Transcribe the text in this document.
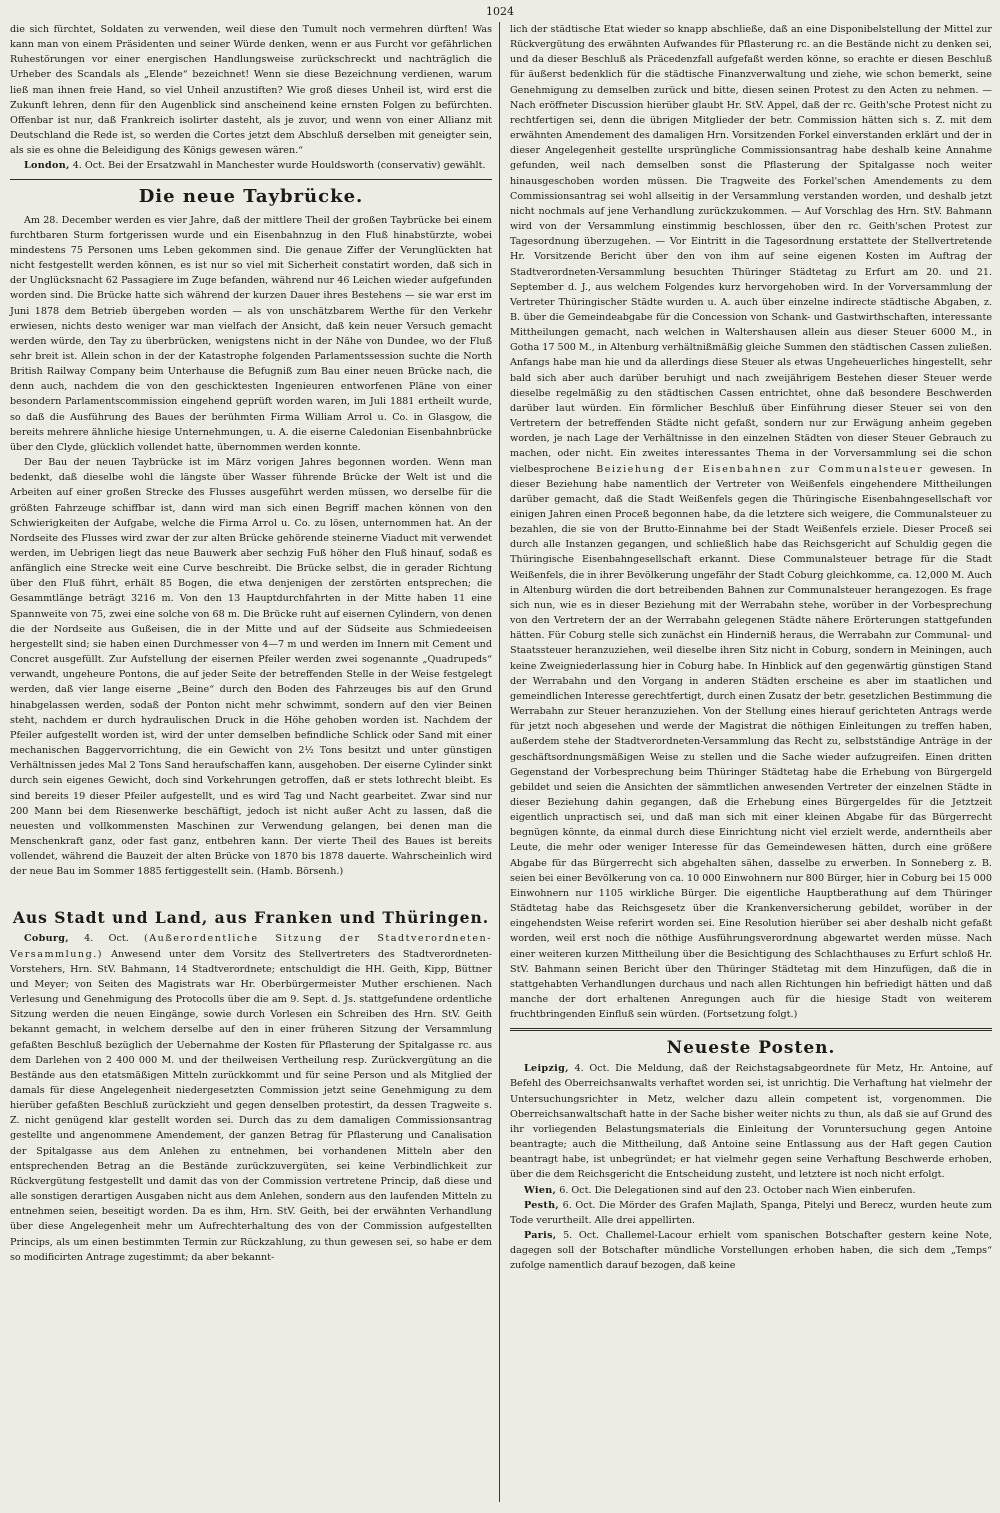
1024

die sich fürchtet, Soldaten zu verwenden, weil diese den Tumult noch vermehren dürften! Was kann man von einem Präsidenten und seiner Würde denken, wenn er aus Furcht vor gefährlichen Ruhestörungen vor einer energischen Handlungsweise zurückschreckt und nachträglich die Urheber des Scandals als „Elende“ bezeichnet! Wenn sie diese Bezeichnung verdienen, warum ließ man ihnen freie Hand, so viel Unheil anzustiften? Wie groß dieses Unheil ist, wird erst die Zukunft lehren, denn für den Augenblick sind anscheinend keine ernsten Folgen zu befürchten. Offenbar ist nur, daß Frankreich isolirter dasteht, als je zuvor, und wenn von einer Allianz mit Deutschland die Rede ist, so werden die Cortes jetzt dem Abschluß derselben mit geneigter sein, als sie es ohne die Beleidigung des Königs gewesen wären.“

London, 4. Oct. Bei der Ersatzwahl in Manchester wurde Houldsworth (conservativ) gewählt.

Die neue Taybrücke.

Am 28. December werden es vier Jahre, daß der mittlere Theil der großen Taybrücke bei einem furchtbaren Sturm fortgerissen wurde und ein Eisenbahnzug in den Fluß hinabstürzte, wobei mindestens 75 Personen ums Leben gekommen sind. Die genaue Ziffer der Verunglückten hat nicht festgestellt werden können, es ist nur so viel mit Sicherheit constatirt worden, daß sich in der Unglücksnacht 62 Passagiere im Zuge befanden, während nur 46 Leichen wieder aufgefunden worden sind. Die Brücke hatte sich während der kurzen Dauer ihres Bestehens — sie war erst im Juni 1878 dem Betrieb übergeben worden — als von unschätzbarem Werthe für den Verkehr erwiesen, nichts desto weniger war man vielfach der Ansicht, daß kein neuer Versuch gemacht werden würde, den Tay zu überbrücken, wenigstens nicht in der Nähe von Dundee, wo der Fluß sehr breit ist. Allein schon in der der Katastrophe folgenden Parlamentssession suchte die North British Railway Company beim Unterhause die Befugniß zum Bau einer neuen Brücke nach, die denn auch, nachdem die von den geschicktesten Ingenieuren entworfenen Pläne von einer besondern Parlamentscommission eingehend geprüft worden waren, im Juli 1881 ertheilt wurde, so daß die Ausführung des Baues der berühmten Firma William Arrol u. Co. in Glasgow, die bereits mehrere ähnliche hiesige Unternehmungen, u. A. die eiserne Caledonian Eisenbahnbrücke über den Clyde, glücklich vollendet hatte, übernommen werden konnte.

Der Bau der neuen Taybrücke ist im März vorigen Jahres begonnen worden. Wenn man bedenkt, daß dieselbe wohl die längste über Wasser führende Brücke der Welt ist und die Arbeiten auf einer großen Strecke des Flusses ausgeführt werden müssen, wo derselbe für die größten Fahrzeuge schiffbar ist, dann wird man sich einen Begriff machen können von den Schwierigkeiten der Aufgabe, welche die Firma Arrol u. Co. zu lösen, unternommen hat. An der Nordseite des Flusses wird zwar der zur alten Brücke gehörende steinerne Viaduct mit verwendet werden, im Uebrigen liegt das neue Bauwerk aber sechzig Fuß höher den Fluß hinauf, sodaß es anfänglich eine Strecke weit eine Curve beschreibt. Die Brücke selbst, die in gerader Richtung über den Fluß führt, erhält 85 Bogen, die etwa denjenigen der zerstörten entsprechen; die Gesammtlänge beträgt 3216 m. Von den 13 Hauptdurchfahrten in der Mitte haben 11 eine Spannweite von 75, zwei eine solche von 68 m. Die Brücke ruht auf eisernen Cylindern, von denen die der Nordseite aus Gußeisen, die in der Mitte und auf der Südseite aus Schmiedeeisen hergestellt sind; sie haben einen Durchmesser von 4—7 m und werden im Innern mit Cement und Concret ausgefüllt. Zur Aufstellung der eisernen Pfeiler werden zwei sogenannte „Quadrupeds“ verwandt, ungeheure Pontons, die auf jeder Seite der betreffenden Stelle in der Weise festgelegt werden, daß vier lange eiserne „Beine“ durch den Boden des Fahrzeuges bis auf den Grund hinabgelassen werden, sodaß der Ponton nicht mehr schwimmt, sondern auf den vier Beinen steht, nachdem er durch hydraulischen Druck in die Höhe gehoben worden ist. Nachdem der Pfeiler aufgestellt worden ist, wird der unter demselben befindliche Schlick oder Sand mit einer mechanischen Baggervorrichtung, die ein Gewicht von 2½ Tons besitzt und unter günstigen Verhältnissen jedes Mal 2 Tons Sand heraufschaffen kann, ausgehoben. Der eiserne Cylinder sinkt durch sein eigenes Gewicht, doch sind Vorkehrungen getroffen, daß er stets lothrecht bleibt. Es sind bereits 19 dieser Pfeiler aufgestellt, und es wird Tag und Nacht gearbeitet. Zwar sind nur 200 Mann bei dem Riesenwerke beschäftigt, jedoch ist nicht außer Acht zu lassen, daß die neuesten und vollkommensten Maschinen zur Verwendung gelangen, bei denen man die Menschenkraft ganz, oder fast ganz, entbehren kann. Der vierte Theil des Baues ist bereits vollendet, während die Bauzeit der alten Brücke von 1870 bis 1878 dauerte. Wahrscheinlich wird der neue Bau im Sommer 1885 fertiggestellt sein. (Hamb. Börsenh.)

Aus Stadt und Land, aus Franken und Thüringen.

Coburg, 4. Oct. (Außerordentliche Sitzung der Stadtverordneten-Versammlung.) Anwesend unter dem Vorsitz des Stellvertreters des Stadtverordneten-Vorstehers, Hrn. StV. Bahmann, 14 Stadtverordnete; entschuldigt die HH. Geith, Kipp, Büttner und Meyer; von Seiten des Magistrats war Hr. Oberbürgermeister Muther erschienen. Nach Verlesung und Genehmigung des Protocolls über die am 9. Sept. d. Js. stattgefundene ordentliche Sitzung werden die neuen Eingänge, sowie durch Vorlesen ein Schreiben des Hrn. StV. Geith bekannt gemacht, in welchem derselbe auf den in einer früheren Sitzung der Versammlung gefaßten Beschluß bezüglich der Uebernahme der Kosten für Pflasterung der Spitalgasse rc. aus dem Darlehen von 2 400 000 M. und der theilweisen Vertheilung resp. Zurückvergütung an die Bestände aus den etatsmäßigen Mitteln zurückkommt und für seine Person und als Mitglied der damals für diese Angelegenheit niedergesetzten Commission jetzt seine Genehmigung zu dem hierüber gefaßten Beschluß zurückzieht und gegen denselben protestirt, da dessen Tragweite s. Z. nicht genügend klar gestellt worden sei. Durch das zu dem damaligen Commissionsantrag gestellte und angenommene Amendement, der ganzen Betrag für Pflasterung und Canalisation der Spitalgasse aus dem Anlehen zu entnehmen, bei vorhandenen Mitteln aber den entsprechenden Betrag an die Bestände zurückzuvergüten, sei keine Verbindlichkeit zur Rückvergütung festgestellt und damit das von der Commission vertretene Princip, daß diese und alle sonstigen derartigen Ausgaben nicht aus dem Anlehen, sondern aus den laufenden Mitteln zu entnehmen seien, beseitigt worden. Da es ihm, Hrn. StV. Geith, bei der erwähnten Verhandlung über diese Angelegenheit mehr um Aufrechterhaltung des von der Commission aufgestellten Princips, als um einen bestimmten Termin zur Rückzahlung, zu thun gewesen sei, so habe er dem so modificirten Antrage zugestimmt; da aber bekannt-

lich der städtische Etat wieder so knapp abschließe, daß an eine Disponibelstellung der Mittel zur Rückvergütung des erwähnten Aufwandes für Pflasterung rc. an die Bestände nicht zu denken sei, und da dieser Beschluß als Präcedenzfall aufgefaßt werden könne, so erachte er diesen Beschluß für äußerst bedenklich für die städtische Finanzverwaltung und ziehe, wie schon bemerkt, seine Genehmigung zu demselben zurück und bitte, diesen seinen Protest zu den Acten zu nehmen. — Nach eröffneter Discussion hierüber glaubt Hr. StV. Appel, daß der rc. Geith'sche Protest nicht zu rechtfertigen sei, denn die übrigen Mitglieder der betr. Commission hätten sich s. Z. mit dem erwähnten Amendement des damaligen Hrn. Vorsitzenden Forkel einverstanden erklärt und der in dieser Angelegenheit gestellte ursprüngliche Commissionsantrag habe deshalb keine Annahme gefunden, weil nach demselben sonst die Pflasterung der Spitalgasse noch weiter hinausgeschoben worden müssen. Die Tragweite des Forkel'schen Amendements zu dem Commissionsantrag sei wohl allseitig in der Versammlung verstanden worden, und deshalb jetzt nicht nochmals auf jene Verhandlung zurückzukommen. — Auf Vorschlag des Hrn. StV. Bahmann wird von der Versammlung einstimmig beschlossen, über den rc. Geith'schen Protest zur Tagesordnung überzugehen. — Vor Eintritt in die Tagesordnung erstattete der Stellvertretende Hr. Vorsitzende Bericht über den von ihm auf seine eigenen Kosten im Auftrag der Stadtverordneten-Versammlung besuchten Thüringer Städtetag zu Erfurt am 20. und 21. September d. J., aus welchem Folgendes kurz hervorgehoben wird. In der Vorversammlung der Vertreter Thüringischer Städte wurden u. A. auch über einzelne indirecte städtische Abgaben, z. B. über die Gemeindeabgabe für die Concession von Schank- und Gastwirthschaften, interessante Mittheilungen gemacht, nach welchen in Waltershausen allein aus dieser Steuer 6000 M., in Gotha 17 500 M., in Altenburg verhältnißmäßig gleiche Summen den städtischen Cassen zuließen. Anfangs habe man hie und da allerdings diese Steuer als etwas Ungeheuerliches hingestellt, sehr bald sich aber auch darüber beruhigt und nach zweijährigem Bestehen dieser Steuer werde dieselbe regelmäßig zu den städtischen Cassen entrichtet, ohne daß besondere Beschwerden darüber laut würden. Ein förmlicher Beschluß über Einführung dieser Steuer sei von den Vertretern der betreffenden Städte nicht gefaßt, sondern nur zur Erwägung anheim gegeben worden, je nach Lage der Verhältnisse in den einzelnen Städten von dieser Steuer Gebrauch zu machen, oder nicht. Ein zweites interessantes Thema in der Vorversammlung sei die schon vielbesprochene Beiziehung der Eisenbahnen zur Communalsteuer gewesen. In dieser Beziehung habe namentlich der Vertreter von Weißenfels eingehendere Mittheilungen darüber gemacht, daß die Stadt Weißenfels gegen die Thüringische Eisenbahngesellschaft vor einigen Jahren einen Proceß begonnen habe, da die letztere sich weigere, die Communalsteuer zu bezahlen, die sie von der Brutto-Einnahme bei der Stadt Weißenfels erziele. Dieser Proceß sei durch alle Instanzen gegangen, und schließlich habe das Reichsgericht auf Schuldig gegen die Thüringische Eisenbahngesellschaft erkannt. Diese Communalsteuer betrage für die Stadt Weißenfels, die in ihrer Bevölkerung ungefähr der Stadt Coburg gleichkomme, ca. 12,000 M. Auch in Altenburg würden die dort betreibenden Bahnen zur Communalsteuer herangezogen. Es frage sich nun, wie es in dieser Beziehung mit der Werrabahn stehe, worüber in der Vorbesprechung von den Vertretern der an der Werrabahn gelegenen Städte nähere Erörterungen stattgefunden hätten. Für Coburg stelle sich zunächst ein Hinderniß heraus, die Werrabahn zur Communal- und Staatssteuer heranzuziehen, weil dieselbe ihren Sitz nicht in Coburg, sondern in Meiningen, auch keine Zweigniederlassung hier in Coburg habe. In Hinblick auf den gegenwärtig günstigen Stand der Werrabahn und den Vorgang in anderen Städten erscheine es aber im staatlichen und gemeindlichen Interesse gerechtfertigt, durch einen Zusatz der betr. gesetzlichen Bestimmung die Werrabahn zur Steuer heranzuziehen. Von der Stellung eines hierauf gerichteten Antrags werde für jetzt noch abgesehen und werde der Magistrat die nöthigen Einleitungen zu treffen haben, außerdem stehe der Stadtverordneten-Versammlung das Recht zu, selbstständige Anträge in der geschäftsordnungsmäßigen Weise zu stellen und die Sache wieder aufzugreifen. Einen dritten Gegenstand der Vorbesprechung beim Thüringer Städtetag habe die Erhebung von Bürgergeld gebildet und seien die Ansichten der sämmtlichen anwesenden Vertreter der einzelnen Städte in dieser Beziehung dahin gegangen, daß die Erhebung eines Bürgergeldes für die Jetztzeit eigentlich unpractisch sei, und daß man sich mit einer kleinen Abgabe für das Bürgerrecht begnügen könnte, da einmal durch diese Einrichtung nicht viel erzielt werde, anderntheils aber Leute, die mehr oder weniger Interesse für das Gemeindewesen hätten, durch eine größere Abgabe für das Bürgerrecht sich abgehalten sähen, dasselbe zu erwerben. In Sonneberg z. B. seien bei einer Bevölkerung von ca. 10 000 Einwohnern nur 800 Bürger, hier in Coburg bei 15 000 Einwohnern nur 1105 wirkliche Bürger. Die eigentliche Hauptberathung auf dem Thüringer Städtetag habe das Reichsgesetz über die Krankenversicherung gebildet, worüber in der eingehendsten Weise referirt worden sei. Eine Resolution hierüber sei aber deshalb nicht gefaßt worden, weil erst noch die nöthige Ausführungsverordnung abgewartet werden müsse. Nach einer weiteren kurzen Mittheilung über die Besichtigung des Schlachthauses zu Erfurt schloß Hr. StV. Bahmann seinen Bericht über den Thüringer Städtetag mit dem Hinzufügen, daß die in stattgehabten Verhandlungen durchaus und nach allen Richtungen hin befriedigt hätten und daß manche der dort erhaltenen Anregungen auch für die hiesige Stadt von weiterem fruchtbringenden Einfluß sein würden. (Fortsetzung folgt.)

Neueste Posten.

Leipzig, 4. Oct. Die Meldung, daß der Reichstagsabgeordnete für Metz, Hr. Antoine, auf Befehl des Oberreichsanwalts verhaftet worden sei, ist unrichtig. Die Verhaftung hat vielmehr der Untersuchungsrichter in Metz, welcher dazu allein competent ist, vorgenommen. Die Oberreichsanwaltschaft hatte in der Sache bisher weiter nichts zu thun, als daß sie auf Grund des ihr vorliegenden Belastungsmaterials die Einleitung der Voruntersuchung gegen Antoine beantragte; auch die Mittheilung, daß Antoine seine Entlassung aus der Haft gegen Caution beantragt habe, ist unbegründet; er hat vielmehr gegen seine Verhaftung Beschwerde erhoben, über die dem Reichsgericht die Entscheidung zusteht, und letztere ist noch nicht erfolgt.

Wien, 6. Oct. Die Delegationen sind auf den 23. October nach Wien einberufen.

Pesth, 6. Oct. Die Mörder des Grafen Majlath, Spanga, Pitelyi und Berecz, wurden heute zum Tode verurtheilt. Alle drei appellirten.

Paris, 5. Oct. Challemel-Lacour erhielt vom spanischen Botschafter gestern keine Note, dagegen soll der Botschafter mündliche Vorstellungen erhoben haben, die sich dem „Temps“ zufolge namentlich darauf bezogen, daß keine
